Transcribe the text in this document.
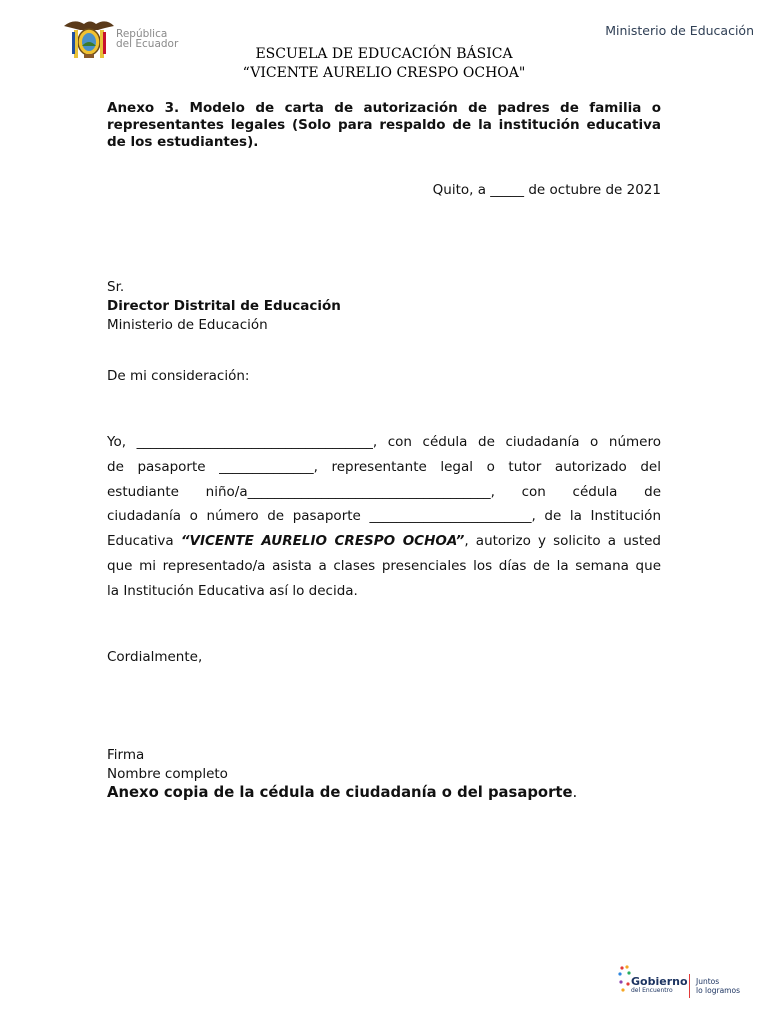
República
del Ecuador
Ministerio de Educación
ESCUELA DE EDUCACIÓN BÁSICA
“VICENTE AURELIO CRESPO OCHOA"
Anexo 3. Modelo de carta de autorización de padres de familia o representantes legales (Solo para respaldo de la institución educativa de los estudiantes).
Quito, a _____ de octubre de 2021
Sr.
Director Distrital de Educación
Ministerio de Educación
De mi consideración:
Yo, ___________________________________, con cédula de ciudadanía o número
de pasaporte ______________, representante legal o tutor autorizado del
estudiante niño/a____________________________________, con cédula de
ciudadanía o número de pasaporte ________________________, de la Institución
Educativa “VICENTE AURELIO CRESPO OCHOA”, autorizo y solicito a usted
que mi representado/a asista a clases presenciales los días de la semana que
la Institución Educativa así lo decida.
Cordialmente,
Firma
Nombre completo
Anexo copia de la cédula de ciudadanía o del pasaporte.
Gobierno
del Encuentro
Juntos
lo logramos
